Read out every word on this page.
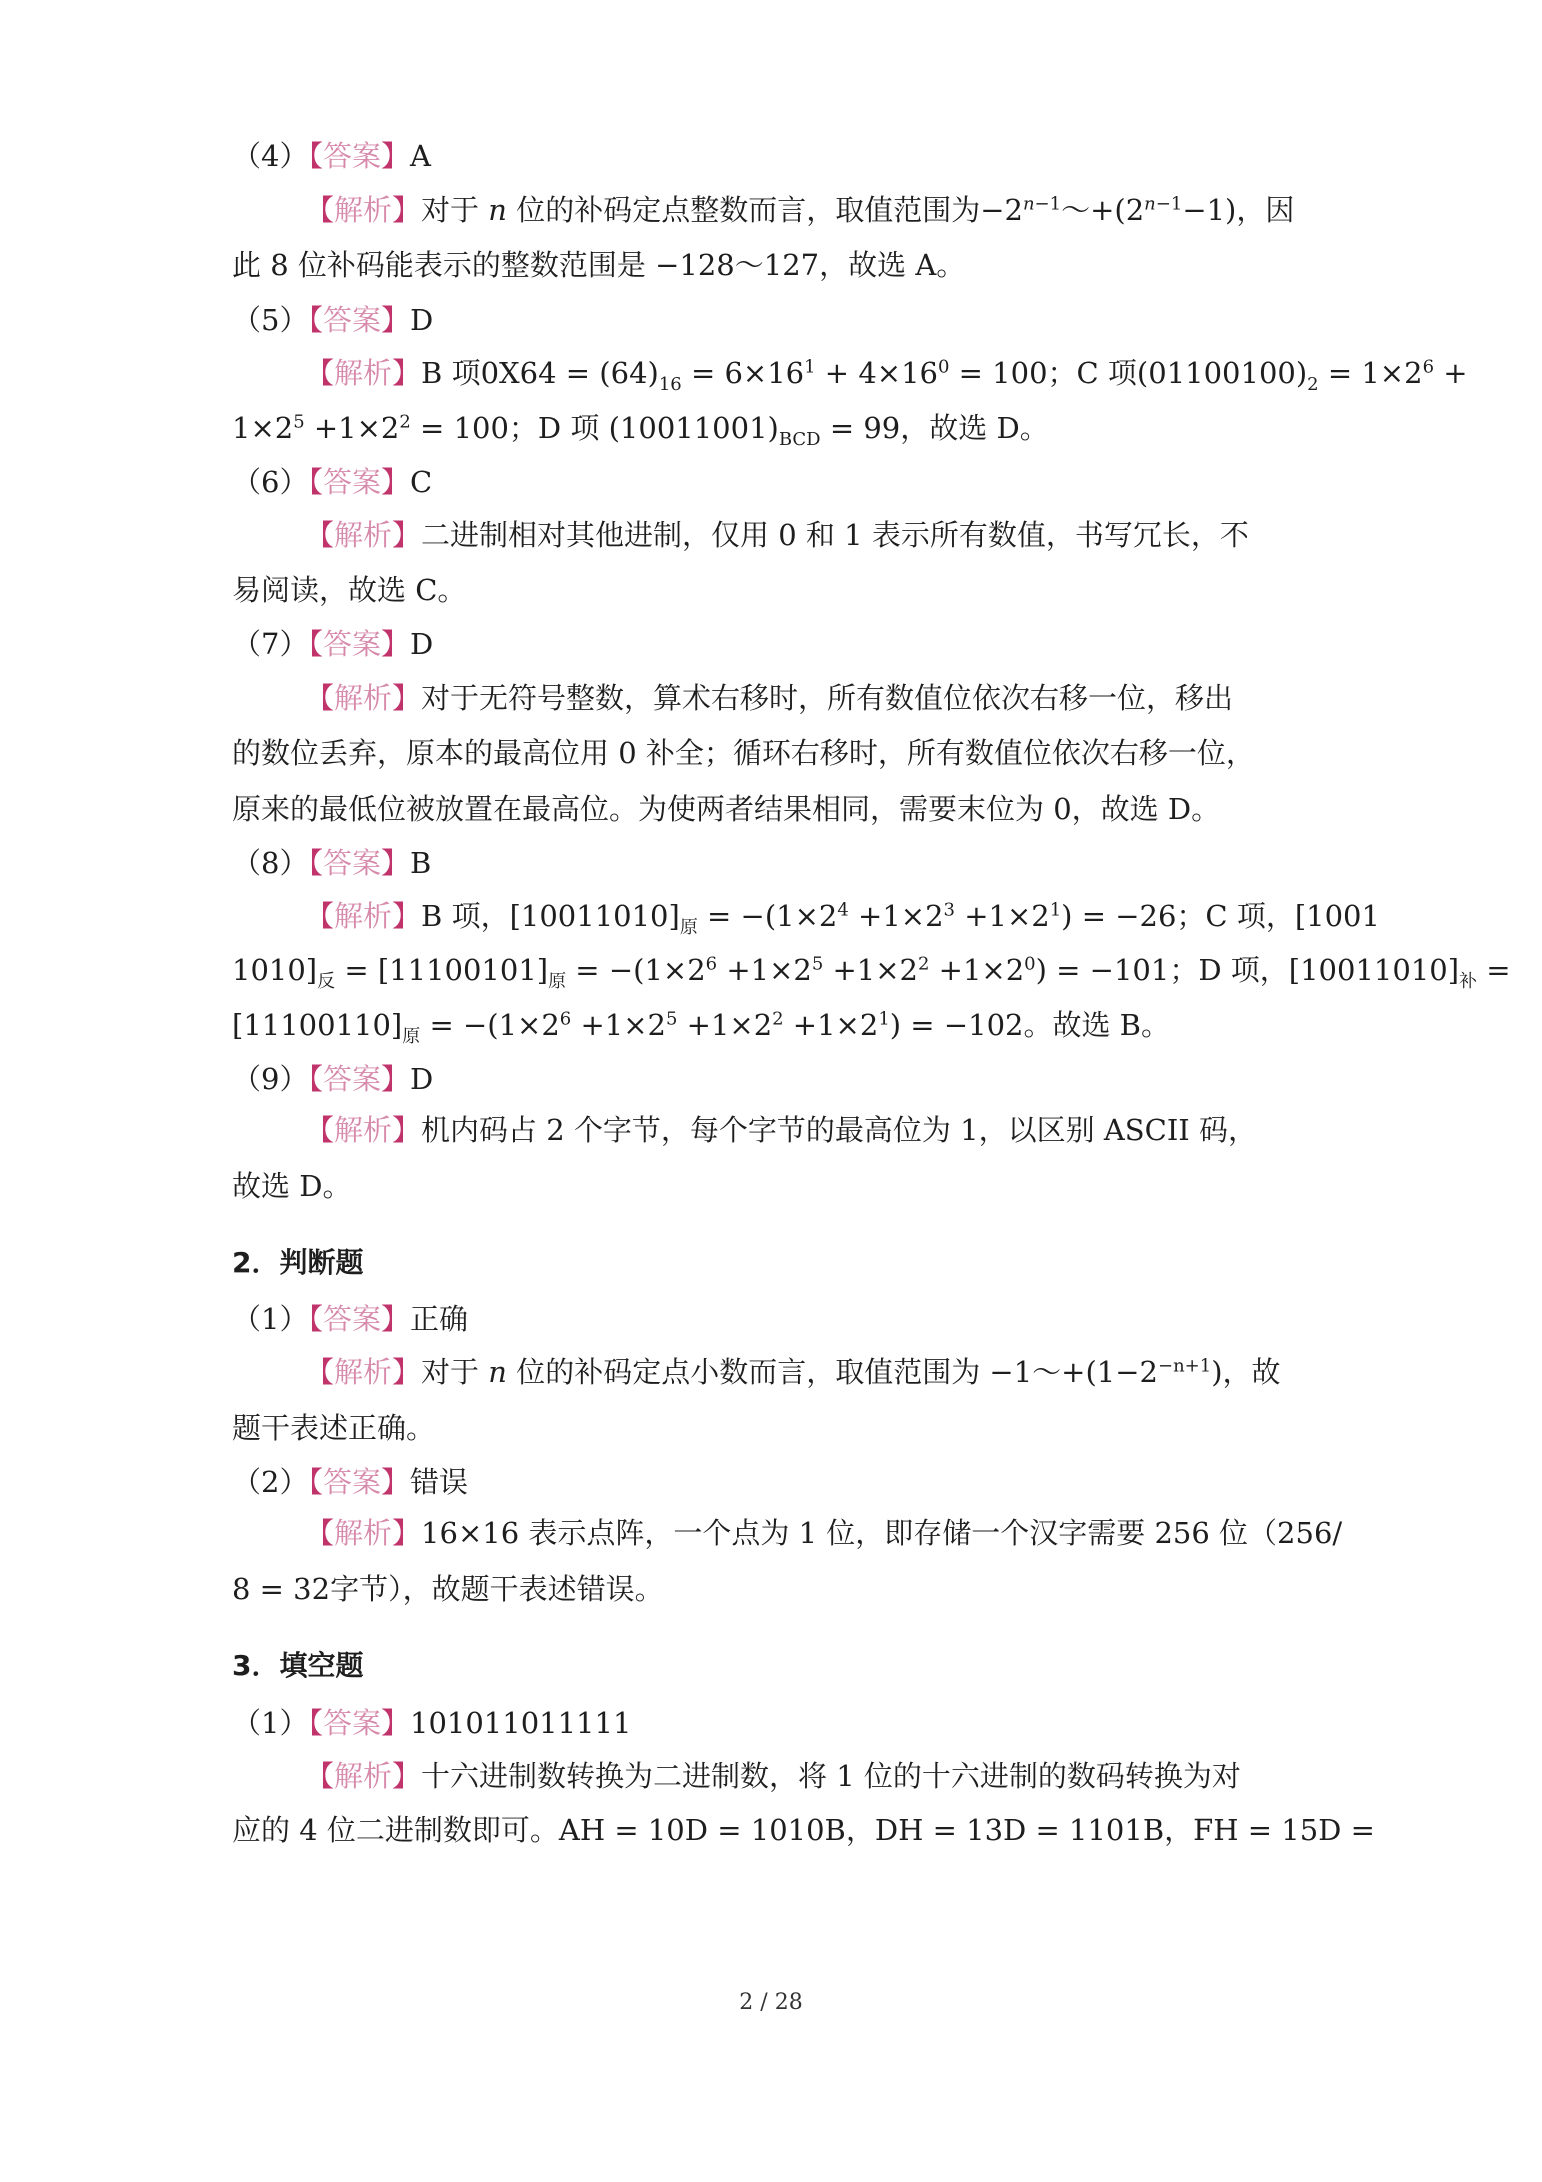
（4）【答案】A
【解析】对于 n 位的补码定点整数而言，取值范围为$-2^{n-1}\sim+(2^{n-1}-1)$，因
此 8 位补码能表示的整数范围是 −128～127，故选 A。
（5）【答案】D
【解析】B 项$0X64 = (64)_{16} = 6\times 16^1 + 4\times 16^0 = 100$；C 项$(01100100)_2 = 1\times 2^6$ +
$1\times 2^5 +1\times 2^2 = 100$；D 项 $(10011001)_{BCD} = 99$，故选 D。
（6）【答案】C
【解析】二进制相对其他进制，仅用 0 和 1 表示所有数值，书写冗长，不
易阅读，故选 C。
（7）【答案】D
【解析】对于无符号整数，算术右移时，所有数值位依次右移一位，移出
的数位丢弃，原本的最高位用 0 补全；循环右移时，所有数值位依次右移一位，
原来的最低位被放置在最高位。为使两者结果相同，需要末位为 0，故选 D。
（8）【答案】B
【解析】B 项，$[10011010]_原 = -(1\times 2^4 +1\times 2^3 +1\times 2^1) = -26$；C 项，[1001
$1010]_反 = [11100101]_原 = -(1\times 2^6 +1\times 2^5 +1\times 2^2 +1\times 2^0) = -101$；D 项，$[10011010]_补$ =
$[11100110]_原 = -(1\times 2^6 +1\times 2^5 +1\times 2^2 +1\times 2^1) = -102$。故选 B。
（9）【答案】D
【解析】机内码占 2 个字节，每个字节的最高位为 1，以区别 ASCII 码，
故选 D。
2．判断题
（1）【答案】正确
【解析】对于 n 位的补码定点小数而言，取值范围为 $-1\sim+(1-2^{-n+1})$，故
题干表述正确。
（2）【答案】错误
【解析】16×16 表示点阵，一个点为 1 位，即存储一个汉字需要 256 位（256/
8 = 32字节），故题干表述错误。
3．填空题
（1）【答案】101011011111
【解析】十六进制数转换为二进制数，将 1 位的十六进制的数码转换为对
应的 4 位二进制数即可。AH = 10D = 1010B，DH = 13D = 1101B，FH = 15D =
2 / 28
